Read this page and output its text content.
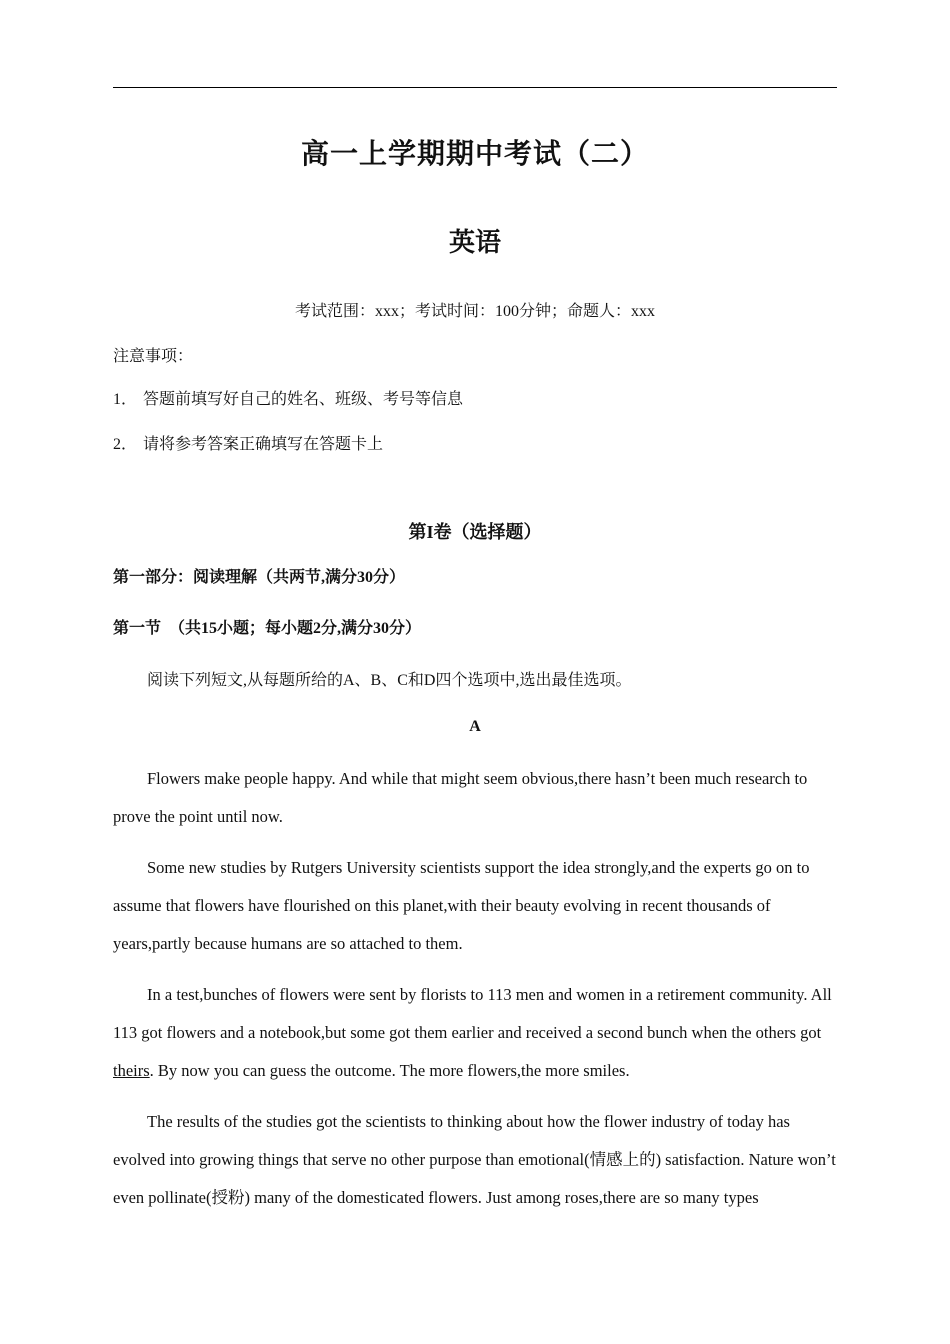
高一上学期期中考试（二）
英语
考试范围：xxx；考试时间：100分钟；命题人：xxx
注意事项：
1． 答题前填写好自己的姓名、班级、考号等信息
2． 请将参考答案正确填写在答题卡上
第I卷（选择题）
第一部分：阅读理解（共两节,满分30分）
第一节　（共15小题；每小题2分,满分30分）
阅读下列短文,从每题所给的A、B、C和D四个选项中,选出最佳选项。
A

Flowers make people happy. And while that might seem obvious,there hasn’t been much research to prove the point until now.

Some new studies by Rutgers University scientists support the idea strongly,and the experts go on to assume that flowers have flourished on this planet,with their beauty evolving in recent thousands of years,partly because humans are so attached to them.

In a test,bunches of flowers were sent by florists to 113 men and women in a retirement community. All 113 got flowers and a notebook,but some got them earlier and received a second bunch when the others got theirs. By now you can guess the outcome. The more flowers,the more smiles.

The results of the studies got the scientists to thinking about how the flower industry of today has evolved into growing things that serve no other purpose than emotional(情感上的) satisfaction. Nature won’t even pollinate(授粉) many of the domesticated flowers. Just among roses,there are so many types
